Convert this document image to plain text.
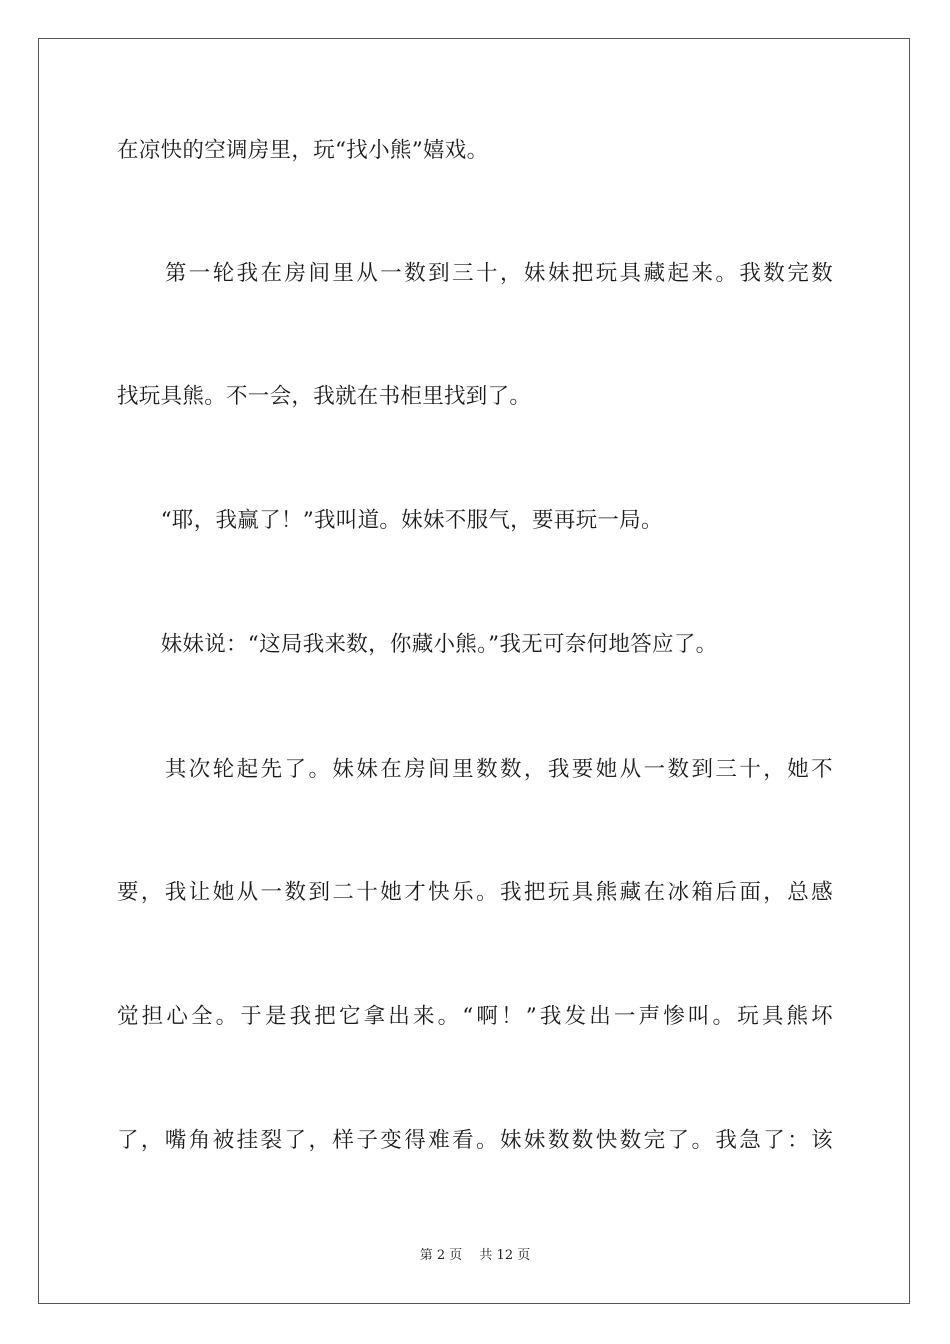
在凉快的空调房里，玩“找小熊”嬉戏。
　　第一轮我在房间里从一数到三十，妹妹把玩具藏起来。我数完数
找玩具熊。不一会，我就在书柜里找到了。
　　“耶，我赢了！”我叫道。妹妹不服气，要再玩一局。
　　妹妹说：“这局我来数，你藏小熊。”我无可奈何地答应了。
　　其次轮起先了。妹妹在房间里数数，我要她从一数到三十，她不
要，我让她从一数到二十她才快乐。我把玩具熊藏在冰箱后面，总感
觉担心全。于是我把它拿出来。“啊！”我发出一声惨叫。玩具熊坏
了，嘴角被挂裂了，样子变得难看。妹妹数数快数完了。我急了：该
第 2 页　 共 12 页
